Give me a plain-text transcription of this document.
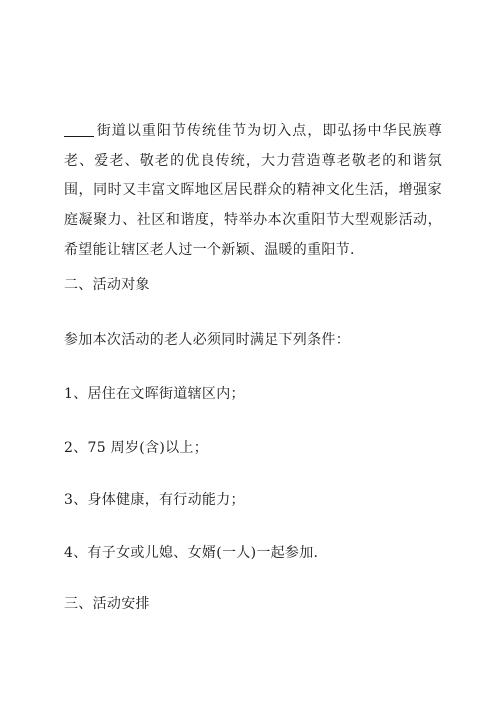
街道以重阳节传统佳节为切入点，即弘扬中华民族尊老、爱老、敬老的优良传统，大力营造尊老敬老的和谐氛围，同时又丰富文晖地区居民群众的精神文化生活，增强家庭凝聚力、社区和谐度，特举办本次重阳节大型观影活动，希望能让辖区老人过一个新颖、温暖的重阳节.

二、活动对象

参加本次活动的老人必须同时满足下列条件：

1、居住在文晖街道辖区内；

2、75 周岁(含)以上；

3、身体健康，有行动能力；

4、有子女或儿媳、女婿(一人)一起参加.

三、活动安排
